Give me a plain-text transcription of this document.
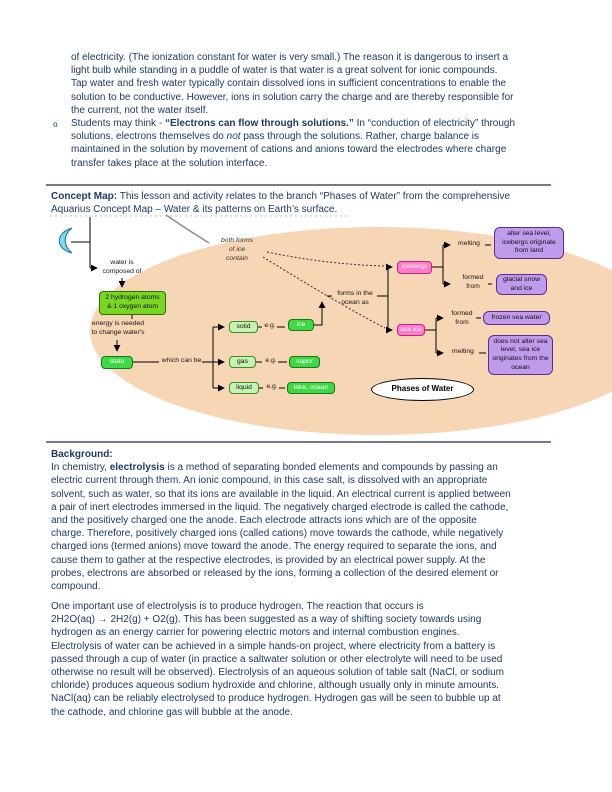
of electricity. (The ionization constant for water is very small.) The reason it is dangerous to insert a
light bulb while standing in a puddle of water is that water is a great solvent for ionic compounds.
Tap water and fresh water typically contain dissolved ions in sufficient concentrations to enable the
solution to be conductive. However, ions in solution carry the charge and are thereby responsible for
the current, not the water itself.
o Students may think - “Electrons can flow through solutions.” In “conduction of electricity” through
solutions, electrons themselves do not pass through the solutions. Rather, charge balance is
maintained in the solution by movement of cations and anions toward the electrodes where charge
transfer takes place at the solution interface.
Concept Map: This lesson and activity relates to the branch “Phases of Water” from the comprehensive
Aquarius Concept Map – Water & its patterns on Earth’s surface.
2 hydrogen atoms
& 1 oxygen atom
state
solid
gas
liquid
ice
vapor
lake, ocean
icebergs
sea ice
alter sea level,
icebergs originate
from land
glacial snow
and ice
frozen sea water
does not alter sea
level, sea ice
originates from the
ocean
Phases of Water
water is
composed of
energy is needed
to change water's
which can be
e.g.
e.g.
e.g.
forms in the
ocean as
both forms
of ice
contain
melting
formed
from
formed
from
melting
Background:
In chemistry, electrolysis is a method of separating bonded elements and compounds by passing an
electric current through them. An ionic compound, in this case salt, is dissolved with an appropriate
solvent, such as water, so that its ions are available in the liquid. An electrical current is applied between
a pair of inert electrodes immersed in the liquid. The negatively charged electrode is called the cathode,
and the positively charged one the anode. Each electrode attracts ions which are of the opposite
charge. Therefore, positively charged ions (called cations) move towards the cathode, while negatively
charged ions (termed anions) move toward the anode. The energy required to separate the ions, and
cause them to gather at the respective electrodes, is provided by an electrical power supply. At the
probes, electrons are absorbed or released by the ions, forming a collection of the desired element or
compound.
One important use of electrolysis is to produce hydrogen. The reaction that occurs is
2H2O(aq) → 2H2(g) + O2(g). This has been suggested as a way of shifting society towards using
hydrogen as an energy carrier for powering electric motors and internal combustion engines.
Electrolysis of water can be achieved in a simple hands-on project, where electricity from a battery is
passed through a cup of water (in practice a saltwater solution or other electrolyte will need to be used
otherwise no result will be observed). Electrolysis of an aqueous solution of table salt (NaCl, or sodium
chloride) produces aqueous sodium hydroxide and chlorine, although usually only in minute amounts.
NaCl(aq) can be reliably electrolysed to produce hydrogen. Hydrogen gas will be seen to bubble up at
the cathode, and chlorine gas will bubble at the anode.
